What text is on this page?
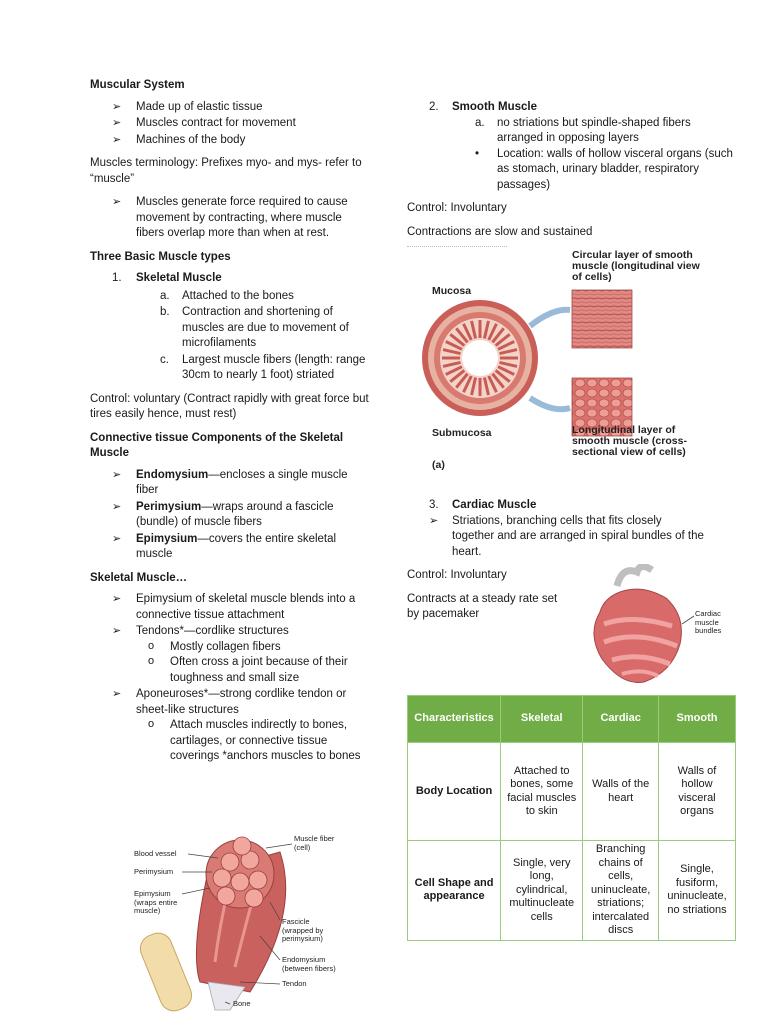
Muscular System
➢ Made up of elastic tissue
➢ Muscles contract for movement
➢ Machines of the body
Muscles terminology: Prefixes myo- and mys- refer to “muscle”
➢ Muscles generate force required to cause movement by contracting, where muscle fibers overlap more than when at rest.
Three Basic Muscle types
1. Skeletal Muscle
a. Attached to the bones
b. Contraction and shortening of muscles are due to movement of microfilaments
c. Largest muscle fibers (length: range 30cm to nearly 1 foot) striated
Control: voluntary (Contract rapidly with great force but tires easily hence, must rest)
Connective tissue Components of the Skeletal Muscle
➢ Endomysium—encloses a single muscle fiber
➢ Perimysium—wraps around a fascicle (bundle) of muscle fibers
➢ Epimysium—covers the entire skeletal muscle
Skeletal Muscle…
➢ Epimysium of skeletal muscle blends into a connective tissue attachment
➢ Tendons*—cordlike structures
o Mostly collagen fibers
o Often cross a joint because of their toughness and small size
➢ Aponeuroses*—strong cordlike tendon or sheet-like structures
o Attach muscles indirectly to bones, cartilages, or connective tissue coverings *anchors muscles to bones
2. Smooth Muscle
a. no striations but spindle-shaped fibers arranged in opposing layers
• Location: walls of hollow visceral organs (such as stomach, urinary bladder, respiratory passages)
Control: Involuntary
Contractions are slow and sustained
Mucosa
Submucosa
Circular layer of smooth muscle (longitudinal view of cells)
Longitudinal layer of smooth muscle (cross-sectional view of cells)
(a)
3. Cardiac Muscle
➢ Striations, branching cells that fits closely together and are arranged in spiral bundles of the heart.
Control: Involuntary
Contracts at a steady rate set by pacemaker	Cardiac muscle bundles
Characteristics	Skeletal	Cardiac	Smooth
Body Location	Attached to bones, some facial muscles to skin	Walls of the heart	Walls of hollow visceral organs
Cell Shape and appearance	Single, very long, cylindrical, multinucleate cells	Branching chains of cells, uninucleate, striations; intercalated discs	Single, fusiform, uninucleate, no striations
Blood vessel
Perimysium
Epimysium (wraps entire muscle)
Muscle fiber (cell)
Fascicle (wrapped by perimysium)
Endomysium (between fibers)
Tendon
Bone
